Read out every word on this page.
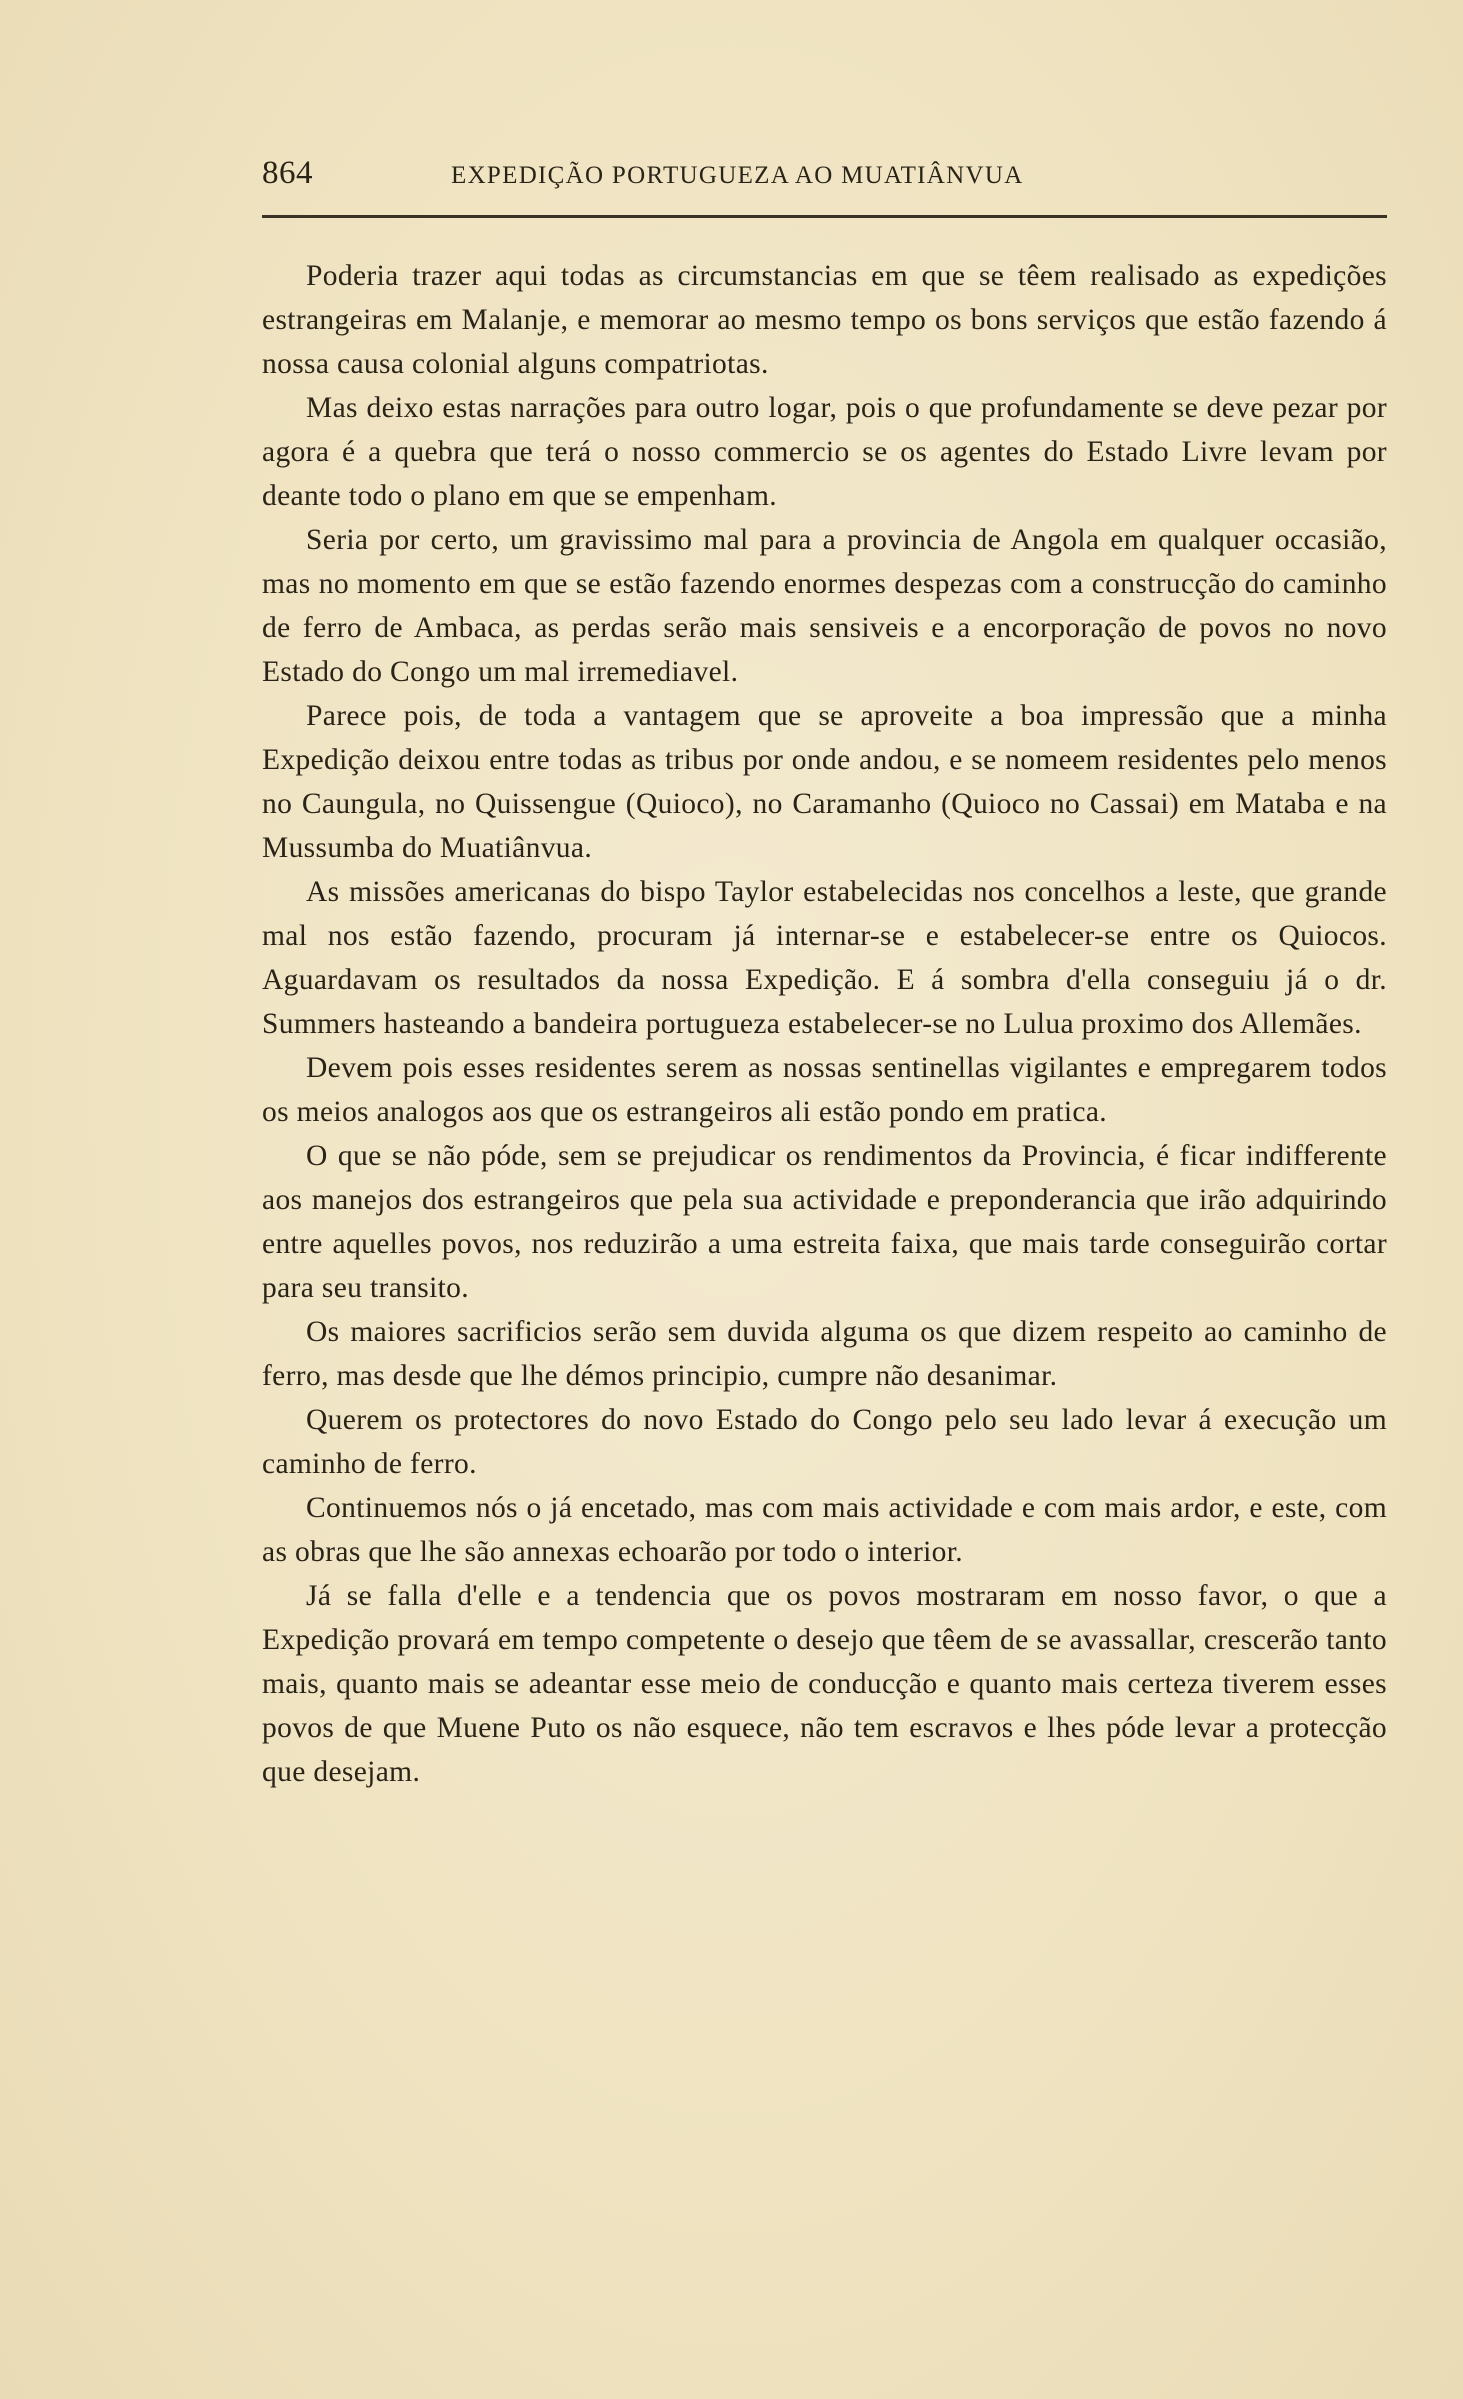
864	EXPEDIÇÃO PORTUGUEZA AO MUATIÂNVUA

Poderia trazer aqui todas as circumstancias em que se têem realisado as expedições estrangeiras em Malanje, e memorar ao mesmo tempo os bons serviços que estão fazendo á nossa causa colonial alguns compatriotas.

Mas deixo estas narrações para outro logar, pois o que profundamente se deve pezar por agora é a quebra que terá o nosso commercio se os agentes do Estado Livre levam por deante todo o plano em que se empenham.

Seria por certo, um gravissimo mal para a provincia de Angola em qualquer occasião, mas no momento em que se estão fazendo enormes despezas com a construcção do caminho de ferro de Ambaca, as perdas serão mais sensiveis e a encorporação de povos no novo Estado do Congo um mal irremediavel.

Parece pois, de toda a vantagem que se aproveite a boa impressão que a minha Expedição deixou entre todas as tribus por onde andou, e se nomeem residentes pelo menos no Caungula, no Quissengue (Quioco), no Caramanho (Quioco no Cassai) em Mataba e na Mussumba do Muatiânvua.

As missões americanas do bispo Taylor estabelecidas nos concelhos a leste, que grande mal nos estão fazendo, procuram já internar-se e estabelecer-se entre os Quiocos. Aguardavam os resultados da nossa Expedição. E á sombra d'ella conseguiu já o dr. Summers hasteando a bandeira portugueza estabelecer-se no Lulua proximo dos Allemães.

Devem pois esses residentes serem as nossas sentinellas vigilantes e empregarem todos os meios analogos aos que os estrangeiros ali estão pondo em pratica.

O que se não póde, sem se prejudicar os rendimentos da Provincia, é ficar indifferente aos manejos dos estrangeiros que pela sua actividade e preponderancia que irão adquirindo entre aquelles povos, nos reduzirão a uma estreita faixa, que mais tarde conseguirão cortar para seu transito.

Os maiores sacrificios serão sem duvida alguma os que dizem respeito ao caminho de ferro, mas desde que lhe démos principio, cumpre não desanimar.

Querem os protectores do novo Estado do Congo pelo seu lado levar á execução um caminho de ferro.

Continuemos nós o já encetado, mas com mais actividade e com mais ardor, e este, com as obras que lhe são annexas echoarão por todo o interior.

Já se falla d'elle e a tendencia que os povos mostraram em nosso favor, o que a Expedição provará em tempo competente o desejo que têem de se avassallar, crescerão tanto mais, quanto mais se adeantar esse meio de conducção e quanto mais certeza tiverem esses povos de que Muene Puto os não esquece, não tem escravos e lhes póde levar a protecção que desejam.
